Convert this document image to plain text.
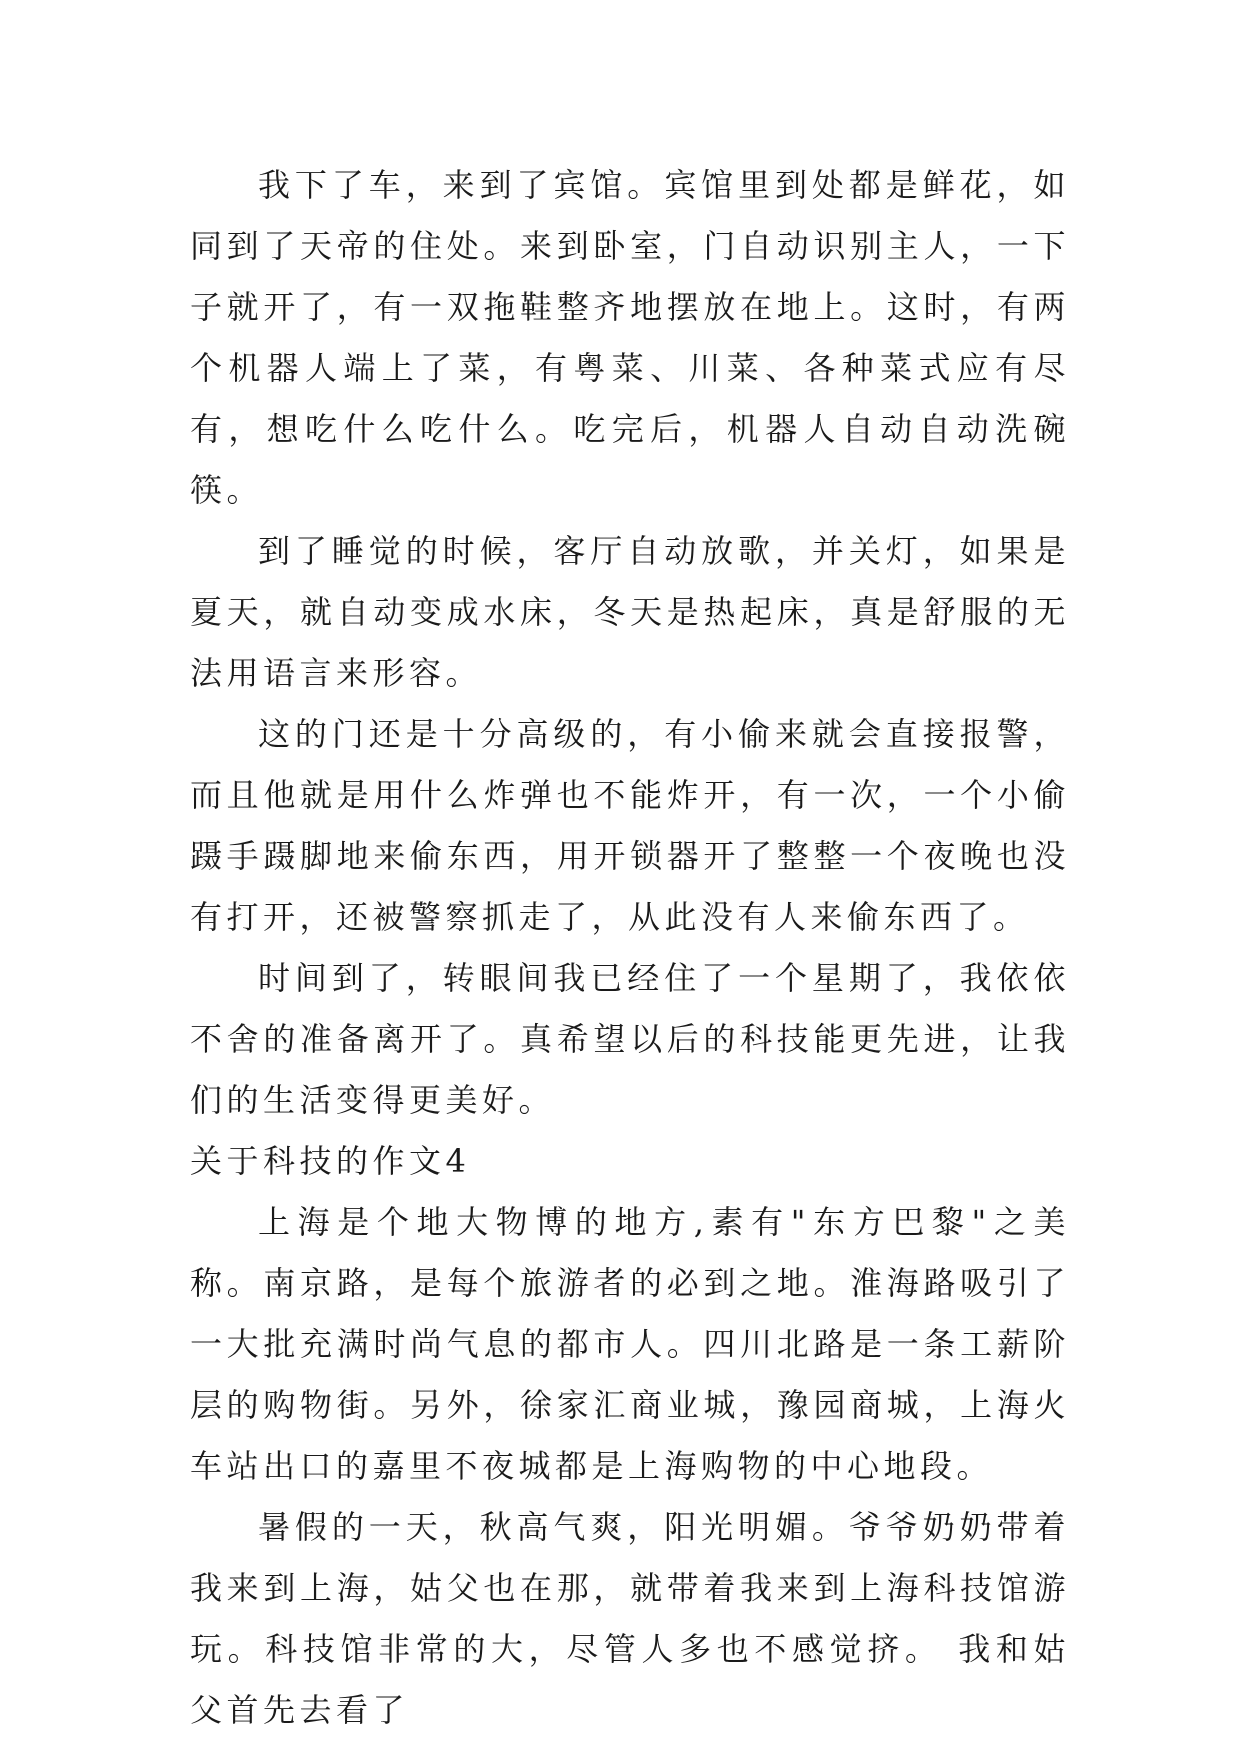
我下了车，来到了宾馆。宾馆里到处都是鲜花，如同到了天帝的住处。来到卧室，门自动识别主人，一下子就开了，有一双拖鞋整齐地摆放在地上。这时，有两个机器人端上了菜，有粤菜、川菜、各种菜式应有尽有，想吃什么吃什么。吃完后，机器人自动自动洗碗筷。

到了睡觉的时候，客厅自动放歌，并关灯，如果是夏天，就自动变成水床，冬天是热起床，真是舒服的无法用语言来形容。

这的门还是十分高级的，有小偷来就会直接报警，而且他就是用什么炸弹也不能炸开，有一次，一个小偷蹑手蹑脚地来偷东西，用开锁器开了整整一个夜晚也没有打开，还被警察抓走了，从此没有人来偷东西了。

时间到了，转眼间我已经住了一个星期了，我依依不舍的准备离开了。真希望以后的科技能更先进，让我们的生活变得更美好。

关于科技的作文4

上海是个地大物博的地方,素有"东方巴黎"之美称。南京路，是每个旅游者的必到之地。淮海路吸引了一大批充满时尚气息的都市人。四川北路是一条工薪阶层的购物街。另外，徐家汇商业城，豫园商城，上海火车站出口的嘉里不夜城都是上海购物的中心地段。

暑假的一天，秋高气爽，阳光明媚。爷爷奶奶带着我来到上海，姑父也在那，就带着我来到上海科技馆游玩。科技馆非常的大，尽管人多也不感觉挤。 我和姑父首先去看了
